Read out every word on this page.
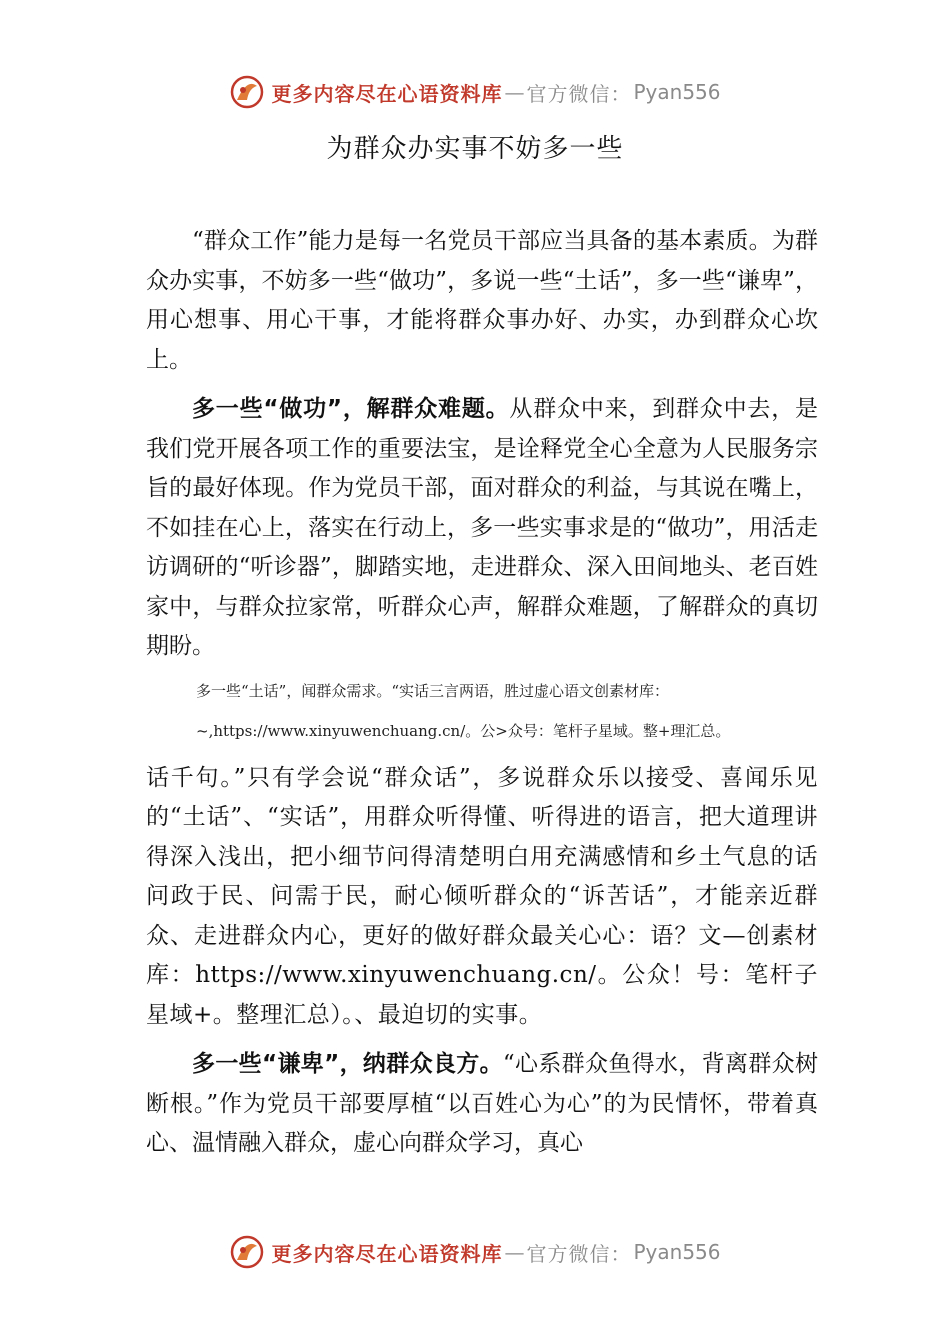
更多内容尽在心语资料库 — 官方微信： Pyan556
为群众办实事不妨多一些

“群众工作”能力是每一名党员干部应当具备的基本素质。为群众办实事，不妨多一些“做功”，多说一些“土话”，多一些“谦卑”，用心想事、用心干事，才能将群众事办好、办实，办到群众心坎上。

多一些“做功”，解群众难题。从群众中来，到群众中去，是我们党开展各项工作的重要法宝，是诠释党全心全意为人民服务宗旨的最好体现。作为党员干部，面对群众的利益，与其说在嘴上，不如挂在心上，落实在行动上，多一些实事求是的“做功”，用活走访调研的“听诊器”，脚踏实地，走进群众、深入田间地头、老百姓家中，与群众拉家常，听群众心声，解群众难题，了解群众的真切期盼。

多一些“土话”，闻群众需求。“实话三言两语，胜过虚心语文创素材库：
~,https://www.xinyuwenchuang.cn/。公>众号：笔杆子星域。整+理汇总。

话千句。”只有学会说“群众话”，多说群众乐以接受、喜闻乐见的“土话”、“实话”，用群众听得懂、听得进的语言，把大道理讲得深入浅出，把小细节问得清楚明白用充满感情和乡土气息的话问政于民、问需于民，耐心倾听群众的“诉苦话”，才能亲近群众、走进群众内心，更好的做好群众最关心心：语？文—创素材库：https://www.xinyuwenchuang.cn/。公众！号：笔杆子星域+。整理汇总）。、最迫切的实事。

多一些“谦卑”，纳群众良方。“心系群众鱼得水，背离群众树断根。”作为党员干部要厚植“以百姓心为心”的为民情怀，带着真心、温情融入群众，虚心向群众学习，真心

更多内容尽在心语资料库 — 官方微信： Pyan556
